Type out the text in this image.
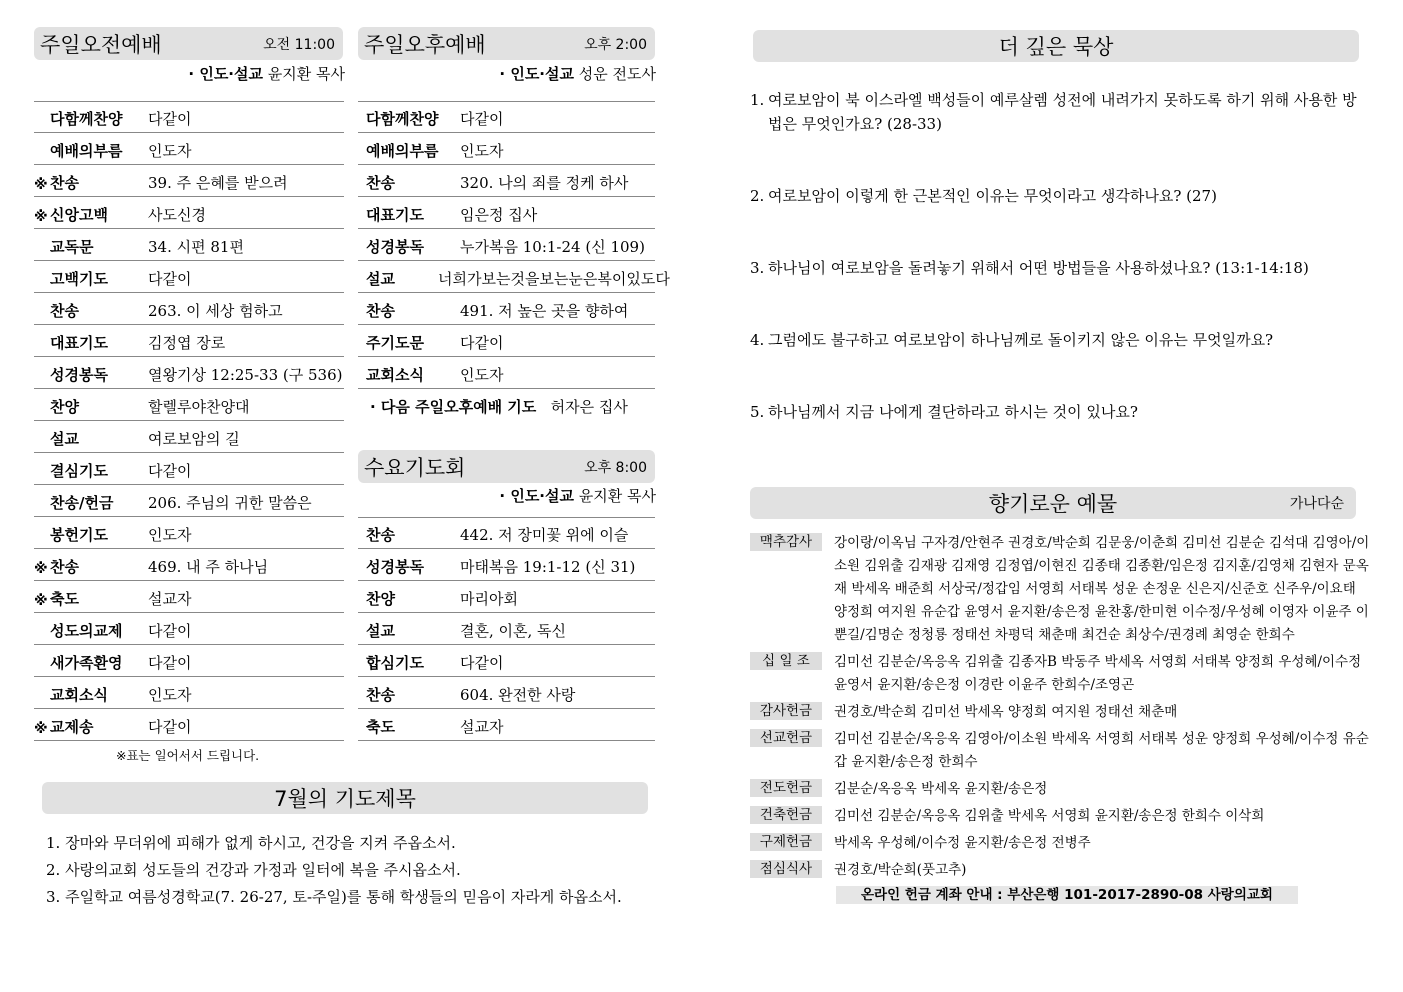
주일오전예배	오전 11:00
· 인도·설교 윤지환 목사
다함께찬양	다같이
예배의부름	인도자
※ 찬송	39. 주 은혜를 받으려
※ 신앙고백	사도신경
교독문	34. 시편 81편
고백기도	다같이
찬송	263. 이 세상 험하고
대표기도	김정엽 장로
성경봉독	열왕기상 12:25-33 (구 536)
찬양	할렐루야찬양대
설교	여로보암의 길
결심기도	다같이
찬송/헌금	206. 주님의 귀한 말씀은
봉헌기도	인도자
※ 찬송	469. 내 주 하나님
※ 축도	설교자
성도의교제	다같이
새가족환영	다같이
교회소식	인도자
※ 교제송	다같이
※표는 일어서서 드립니다.
주일오후예배	오후 2:00
· 인도·설교 성운 전도사
다함께찬양 다같이
예배의부름 인도자
찬송	320. 나의 죄를 정케 하사
대표기도	임은정 집사
성경봉독	누가복음 10:1-24 (신 109)
설교	너희가보는것을보는눈은복이있도다
찬송	491. 저 높은 곳을 향하여
주기도문	다같이
교회소식	인도자
· 다음 주일오후예배 기도 허자은 집사
수요기도회	오후 8:00
· 인도·설교 윤지환 목사
찬송	442. 저 장미꽃 위에 이슬
성경봉독	마태복음 19:1-12 (신 31)
찬양	마리아회
설교	결혼, 이혼, 독신
합심기도	다같이
찬송	604. 완전한 사랑
축도	설교자
7월의 기도제목
1. 장마와 무더위에 피해가 없게 하시고, 건강을 지켜 주옵소서.
2. 사랑의교회 성도들의 건강과 가정과 일터에 복을 주시옵소서.
3. 주일학교 여름성경학교(7. 26-27, 토-주일)를 통해 학생들의 믿음이 자라게 하옵소서.
더 깊은 묵상
1. 여로보암이 북 이스라엘 백성들이 예루살렘 성전에 내려가지 못하도록 하기 위해 사용한 방법은 무엇인가요? (28-33)
2. 여로보암이 이렇게 한 근본적인 이유는 무엇이라고 생각하나요? (27)
3. 하나님이 여로보암을 돌려놓기 위해서 어떤 방법들을 사용하셨나요? (13:1-14:18)
4. 그럼에도 불구하고 여로보암이 하나님께로 돌이키지 않은 이유는 무엇일까요?
5. 하나님께서 지금 나에게 결단하라고 하시는 것이 있나요?
향기로운 예물	가나다순
맥추감사	강이랑/이옥님 구자경/안현주 권경호/박순희 김문웅/이춘희 김미선 김분순 김석대 김영아/이소원 김위출 김재광 김재영 김정엽/이현진 김종태 김종환/임은정 김지훈/김영채 김현자 문옥재 박세옥 배준희 서상국/정갑임 서영희 서태복 성운 손정운 신은지/신준호 신주우/이요태 양정희 여지원 유순갑 윤영서 윤지환/송은정 윤찬홍/한미현 이수정/우성혜 이영자 이윤주 이뿐길/김명순 정청룡 정태선 차평덕 채춘매 최건순 최상수/권경례 최영순 한희수
십 일 조	김미선 김분순/옥응옥 김위출 김종자B 박동주 박세옥 서영희 서태복 양정희 우성혜/이수정 윤영서 윤지환/송은정 이경란 이윤주 한희수/조영곤
감사헌금	권경호/박순희 김미선 박세옥 양정희 여지원 정태선 채춘매
선교헌금	김미선 김분순/옥응옥 김영아/이소원 박세옥 서영희 서태복 성운 양정희 우성혜/이수정 유순갑 윤지환/송은정 한희수
전도헌금	김분순/옥응옥 박세옥 윤지환/송은정
건축헌금	김미선 김분순/옥응옥 김위출 박세옥 서영희 윤지환/송은정 한희수 이삭희
구제헌금	박세옥 우성혜/이수정 윤지환/송은정 전병주
점심식사	권경호/박순희(풋고추)
온라인 헌금 계좌 안내 : 부산은행 101-2017-2890-08 사랑의교회
